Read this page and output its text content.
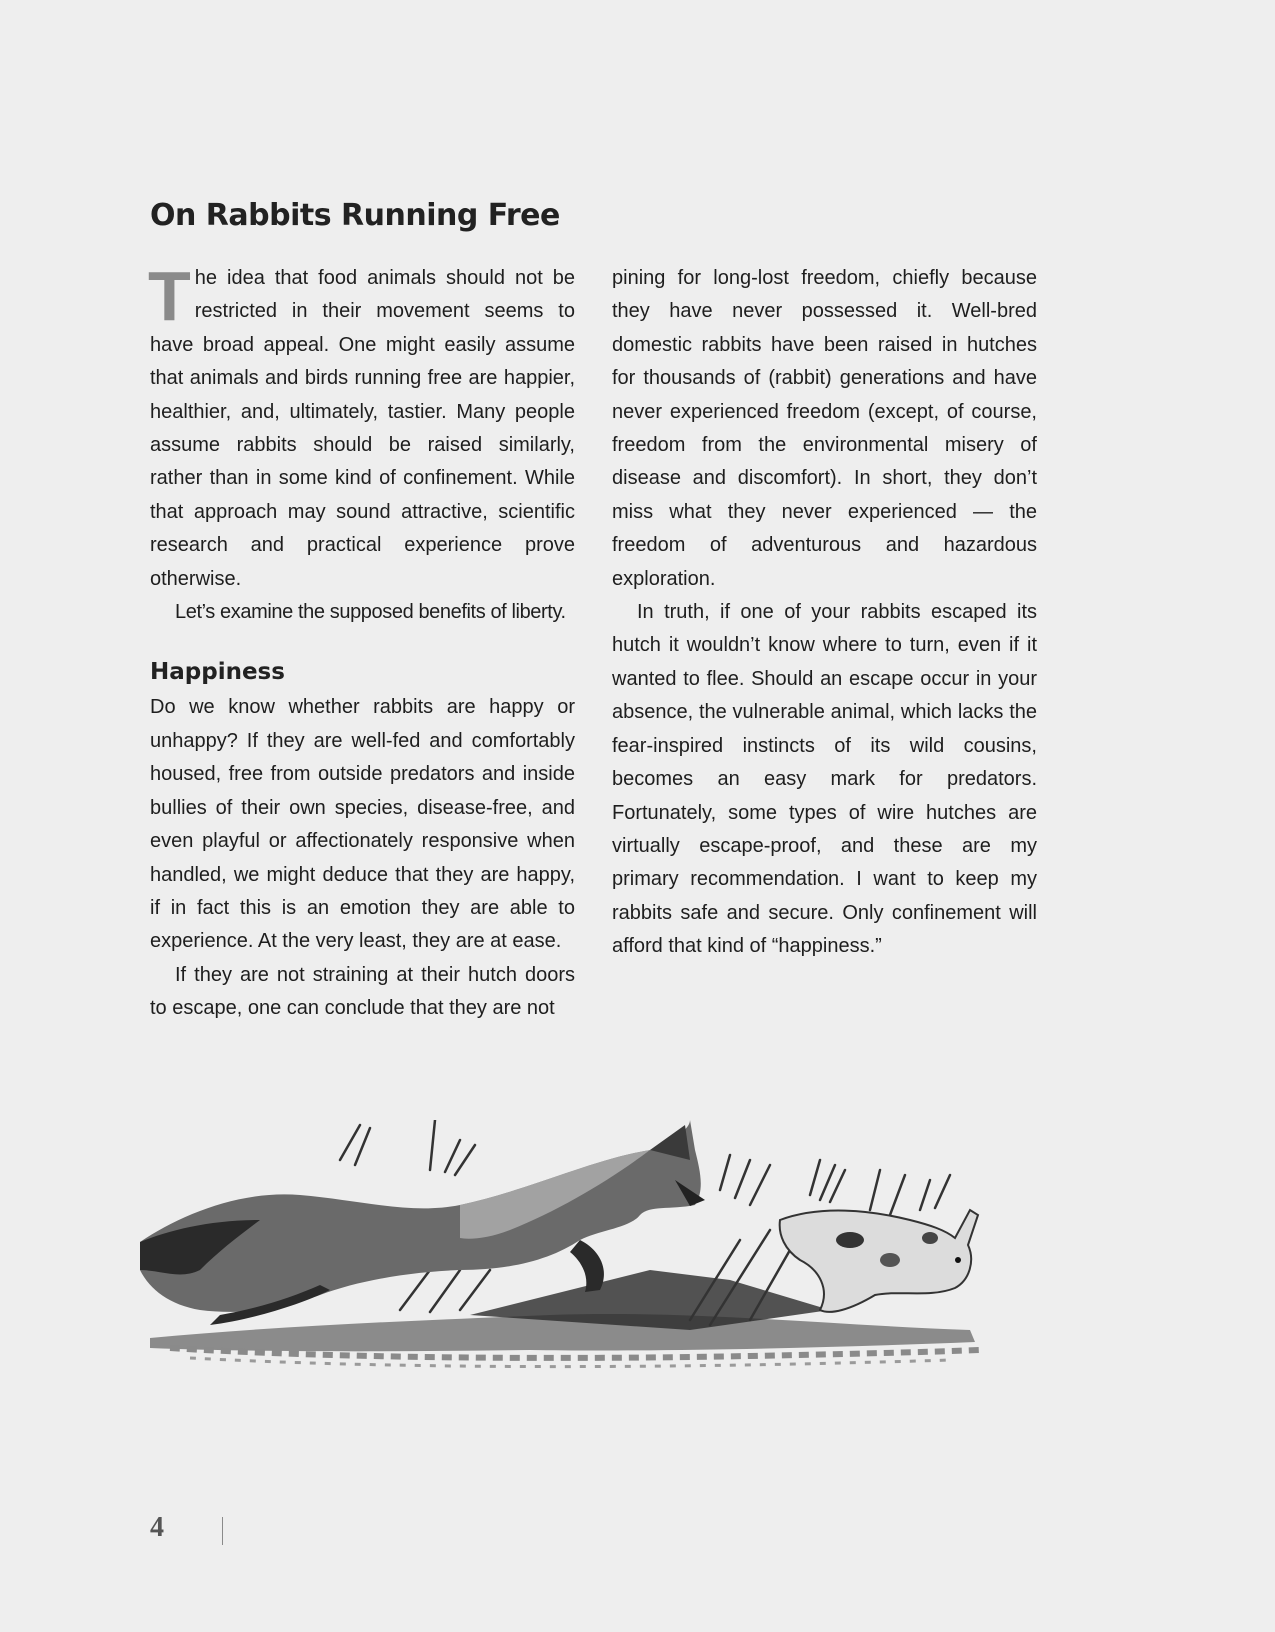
On Rabbits Running Free

The idea that food animals should not be restricted in their movement seems to have broad appeal. One might easily assume that animals and birds running free are happier, healthier, and, ultimately, tastier. Many people assume rabbits should be raised similarly, rather than in some kind of confinement. While that approach may sound attractive, scientific research and practical experience prove otherwise.

Let’s examine the supposed benefits of liberty.

Happiness

Do we know whether rabbits are happy or unhappy? If they are well-fed and comfortably housed, free from outside predators and inside bullies of their own species, disease-free, and even playful or affectionately responsive when handled, we might deduce that they are happy, if in fact this is an emotion they are able to experience. At the very least, they are at ease.

If they are not straining at their hutch doors to escape, one can conclude that they are not

pining for long-lost freedom, chiefly because they have never possessed it. Well-bred domestic rabbits have been raised in hutches for thousands of (rabbit) generations and have never experienced freedom (except, of course, freedom from the environmental misery of disease and discomfort). In short, they don’t miss what they never experienced — the freedom of adventurous and hazardous exploration.

In truth, if one of your rabbits escaped its hutch it wouldn’t know where to turn, even if it wanted to flee. Should an escape occur in your absence, the vulnerable animal, which lacks the fear-inspired instincts of its wild cousins, becomes an easy mark for predators. Fortunately, some types of wire hutches are virtually escape-proof, and these are my primary recommendation. I want to keep my rabbits safe and secure. Only confinement will afford that kind of “happiness.”

4
